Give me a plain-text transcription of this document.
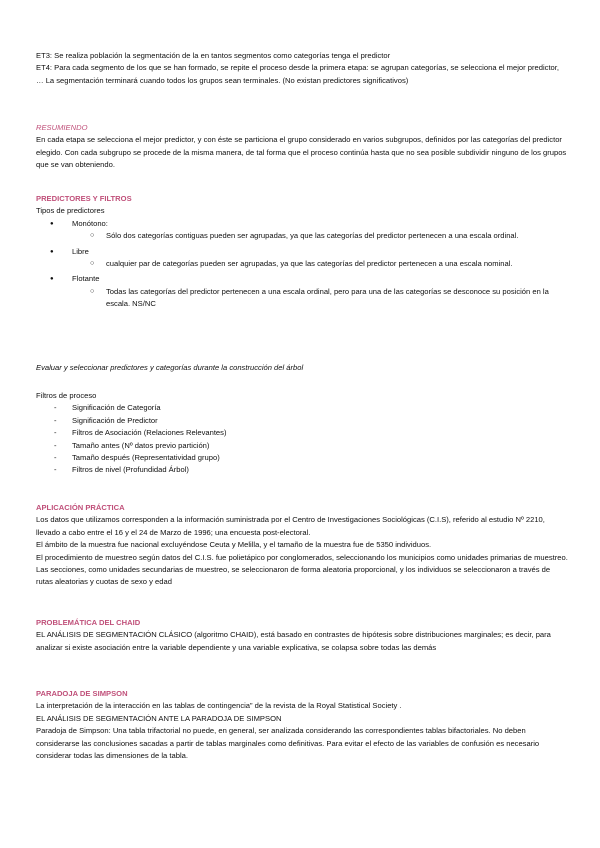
ET3: Se realiza población la segmentación de la en tantos segmentos como categorías tenga el predictor

ET4: Para cada segmento de los que se han formado, se repite el proceso desde la primera etapa: se agrupan categorías, se selecciona el mejor predictor, … La segmentación terminará cuando todos los grupos sean terminales. (No existan predictores significativos)

RESUMIENDO

En cada etapa se selecciona el mejor predictor, y con éste se particiona el grupo considerado en varios subgrupos, definidos por las categorías del predictor elegido. Con cada subgrupo se procede de la misma manera, de tal forma que el proceso continúa hasta que no sea posible subdividir ninguno de los grupos que se van obteniendo.

PREDICTORES Y FILTROS

Tipos de predictores

● Monótono:
○ Sólo dos categorías contiguas pueden ser agrupadas, ya que las categorías del predictor pertenecen a una escala ordinal.
● Libre
○ cualquier par de categorías pueden ser agrupadas, ya que las categorías del predictor pertenecen a una escala nominal.
● Flotante
○ Todas las categorías del predictor pertenecen a una escala ordinal, pero para una de las categorías se desconoce su posición en la escala. NS/NC

Evaluar y seleccionar predictores y categorías durante la construcción del árbol

Filtros de proceso

- Significación de Categoría
- Significación de Predictor
- Filtros de Asociación (Relaciones Relevantes)
- Tamaño antes (Nº datos previo partición)
- Tamaño después (Representatividad grupo)
- Filtros de nivel (Profundidad Árbol)

APLICACIÓN PRÁCTICA

Los datos que utilizamos corresponden a la información suministrada por el Centro de Investigaciones Sociológicas (C.I.S), referido al estudio Nº 2210, llevado a cabo entre el 16 y el 24 de Marzo de 1996; una encuesta post-electoral.

El ámbito de la muestra fue nacional excluyéndose Ceuta y Melilla, y el tamaño de la muestra fue de 5350 individuos.

El procedimiento de muestreo según datos del C.I.S. fue polietápico por conglomerados, seleccionando los municipios como unidades primarias de muestreo. Las secciones, como unidades secundarias de muestreo, se seleccionaron de forma aleatoria proporcional, y los individuos se seleccionaron a través de rutas aleatorias y cuotas de sexo y edad

PROBLEMÁTICA DEL CHAID

EL ANÁLISIS DE SEGMENTACIÓN CLÁSICO (algoritmo CHAID), está basado en contrastes de hipótesis sobre distribuciones marginales; es decir, para analizar si existe asociación entre la variable dependiente y una variable explicativa, se colapsa sobre todas las demás

PARADOJA DE SIMPSON

La interpretación de la interacción en las tablas de contingencia” de la revista de la Royal Statistical Society .

EL ANÁLISIS DE SEGMENTACIÓN ANTE LA PARADOJA DE SIMPSON

Paradoja de Simpson: Una tabla trifactorial no puede, en general, ser analizada considerando las correspondientes tablas bifactoriales. No deben considerarse las conclusiones sacadas a partir de tablas marginales como definitivas. Para evitar el efecto de las variables de confusión es necesario considerar todas las dimensiones de la tabla.
